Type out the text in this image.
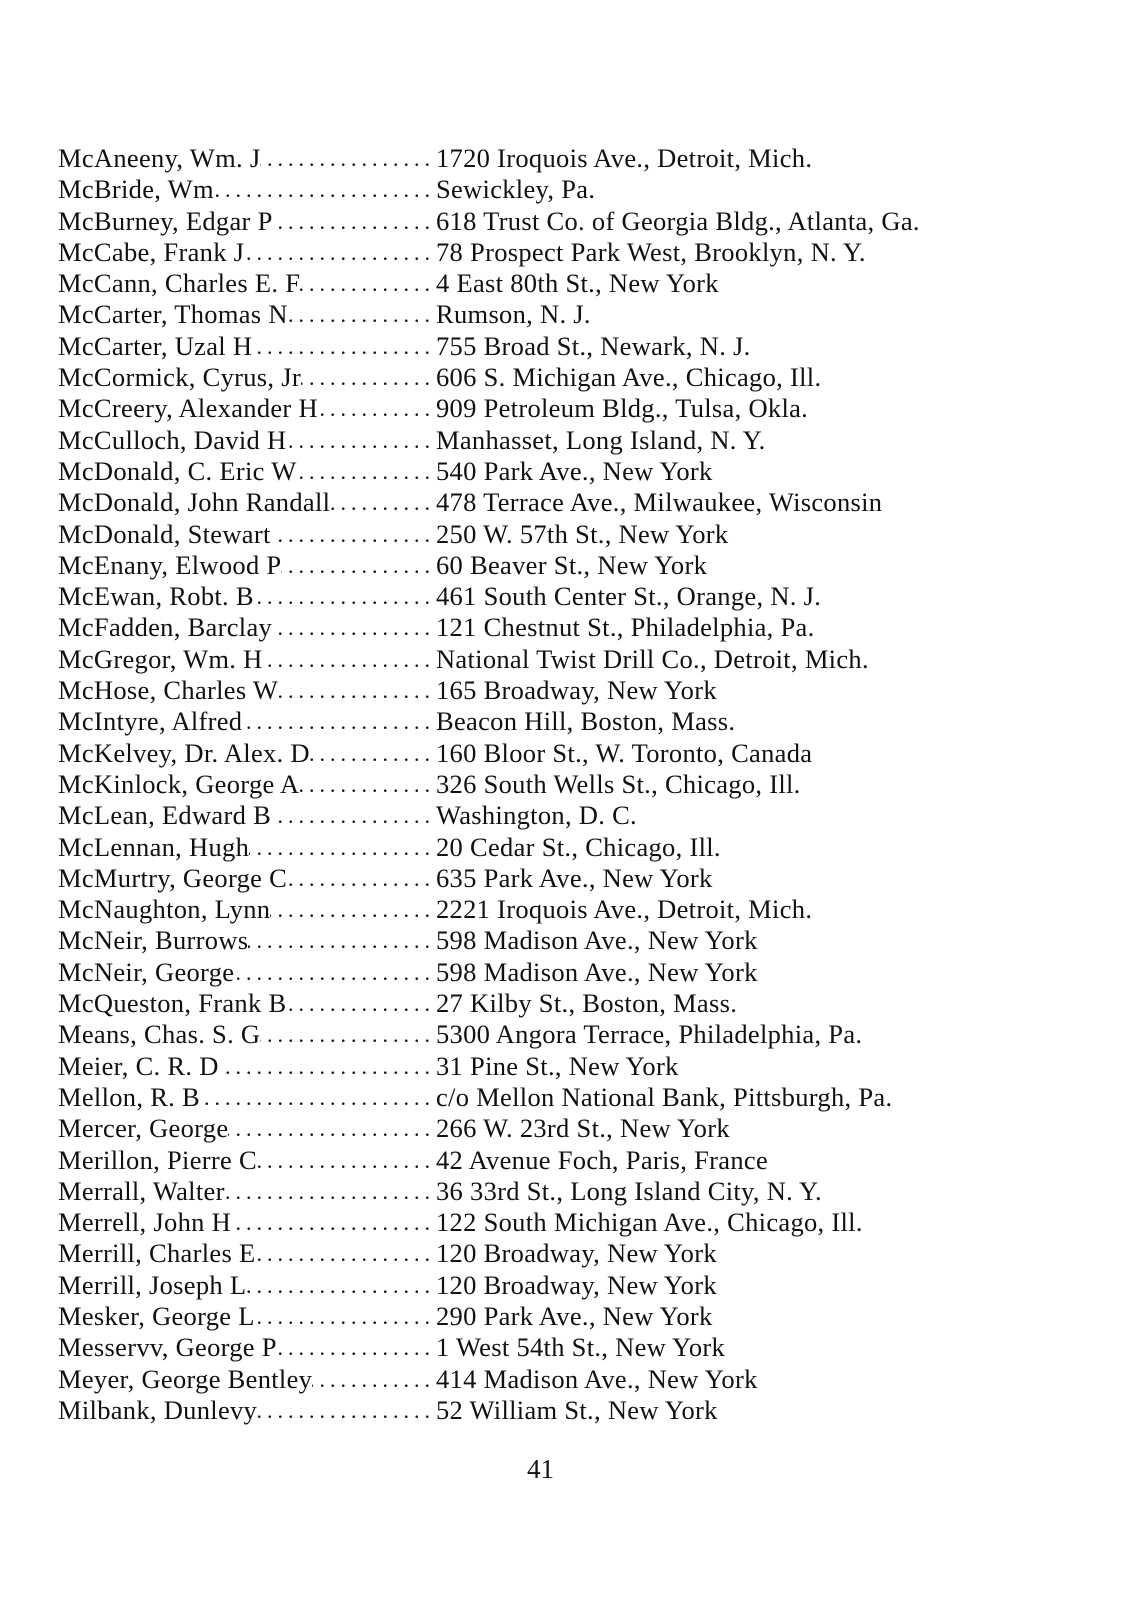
McAneeny, Wm. J .....	1720 Iroquois Ave., Detroit, Mich.
McBride, Wm .....	Sewickley, Pa.
McBurney, Edgar P .....	618 Trust Co. of Georgia Bldg., Atlanta, Ga.
McCabe, Frank J .....	78 Prospect Park West, Brooklyn, N. Y.
McCann, Charles E. F .....	4 East 80th St., New York
McCarter, Thomas N .....	Rumson, N. J.
McCarter, Uzal H .....	755 Broad St., Newark, N. J.
McCormick, Cyrus, Jr .....	606 S. Michigan Ave., Chicago, Ill.
McCreery, Alexander H .....	909 Petroleum Bldg., Tulsa, Okla.
McCulloch, David H .....	Manhasset, Long Island, N. Y.
McDonald, C. Eric W .....	540 Park Ave., New York
McDonald, John Randall .....	478 Terrace Ave., Milwaukee, Wisconsin
McDonald, Stewart .....	250 W. 57th St., New York
McEnany, Elwood P .....	60 Beaver St., New York
McEwan, Robt. B .....	461 South Center St., Orange, N. J.
McFadden, Barclay .....	121 Chestnut St., Philadelphia, Pa.
McGregor, Wm. H .....	National Twist Drill Co., Detroit, Mich.
McHose, Charles W .....	165 Broadway, New York
McIntyre, Alfred .....	Beacon Hill, Boston, Mass.
McKelvey, Dr. Alex. D .....	160 Bloor St., W. Toronto, Canada
McKinlock, George A .....	326 South Wells St., Chicago, Ill.
McLean, Edward B .....	Washington, D. C.
McLennan, Hugh .....	20 Cedar St., Chicago, Ill.
McMurtry, George C .....	635 Park Ave., New York
McNaughton, Lynn .....	2221 Iroquois Ave., Detroit, Mich.
McNeir, Burrows .....	598 Madison Ave., New York
McNeir, George .....	598 Madison Ave., New York
McQueston, Frank B .....	27 Kilby St., Boston, Mass.
Means, Chas. S. G .....	5300 Angora Terrace, Philadelphia, Pa.
Meier, C. R. D .....	31 Pine St., New York
Mellon, R. B .....	c/o Mellon National Bank, Pittsburgh, Pa.
Mercer, George .....	266 W. 23rd St., New York
Merillon, Pierre C .....	42 Avenue Foch, Paris, France
Merrall, Walter .....	36 33rd St., Long Island City, N. Y.
Merrell, John H .....	122 South Michigan Ave., Chicago, Ill.
Merrill, Charles E .....	120 Broadway, New York
Merrill, Joseph L .....	120 Broadway, New York
Mesker, George L .....	290 Park Ave., New York
Messervv, George P .....	1 West 54th St., New York
Meyer, George Bentley .....	414 Madison Ave., New York
Milbank, Dunlevy .....	52 William St., New York
41
